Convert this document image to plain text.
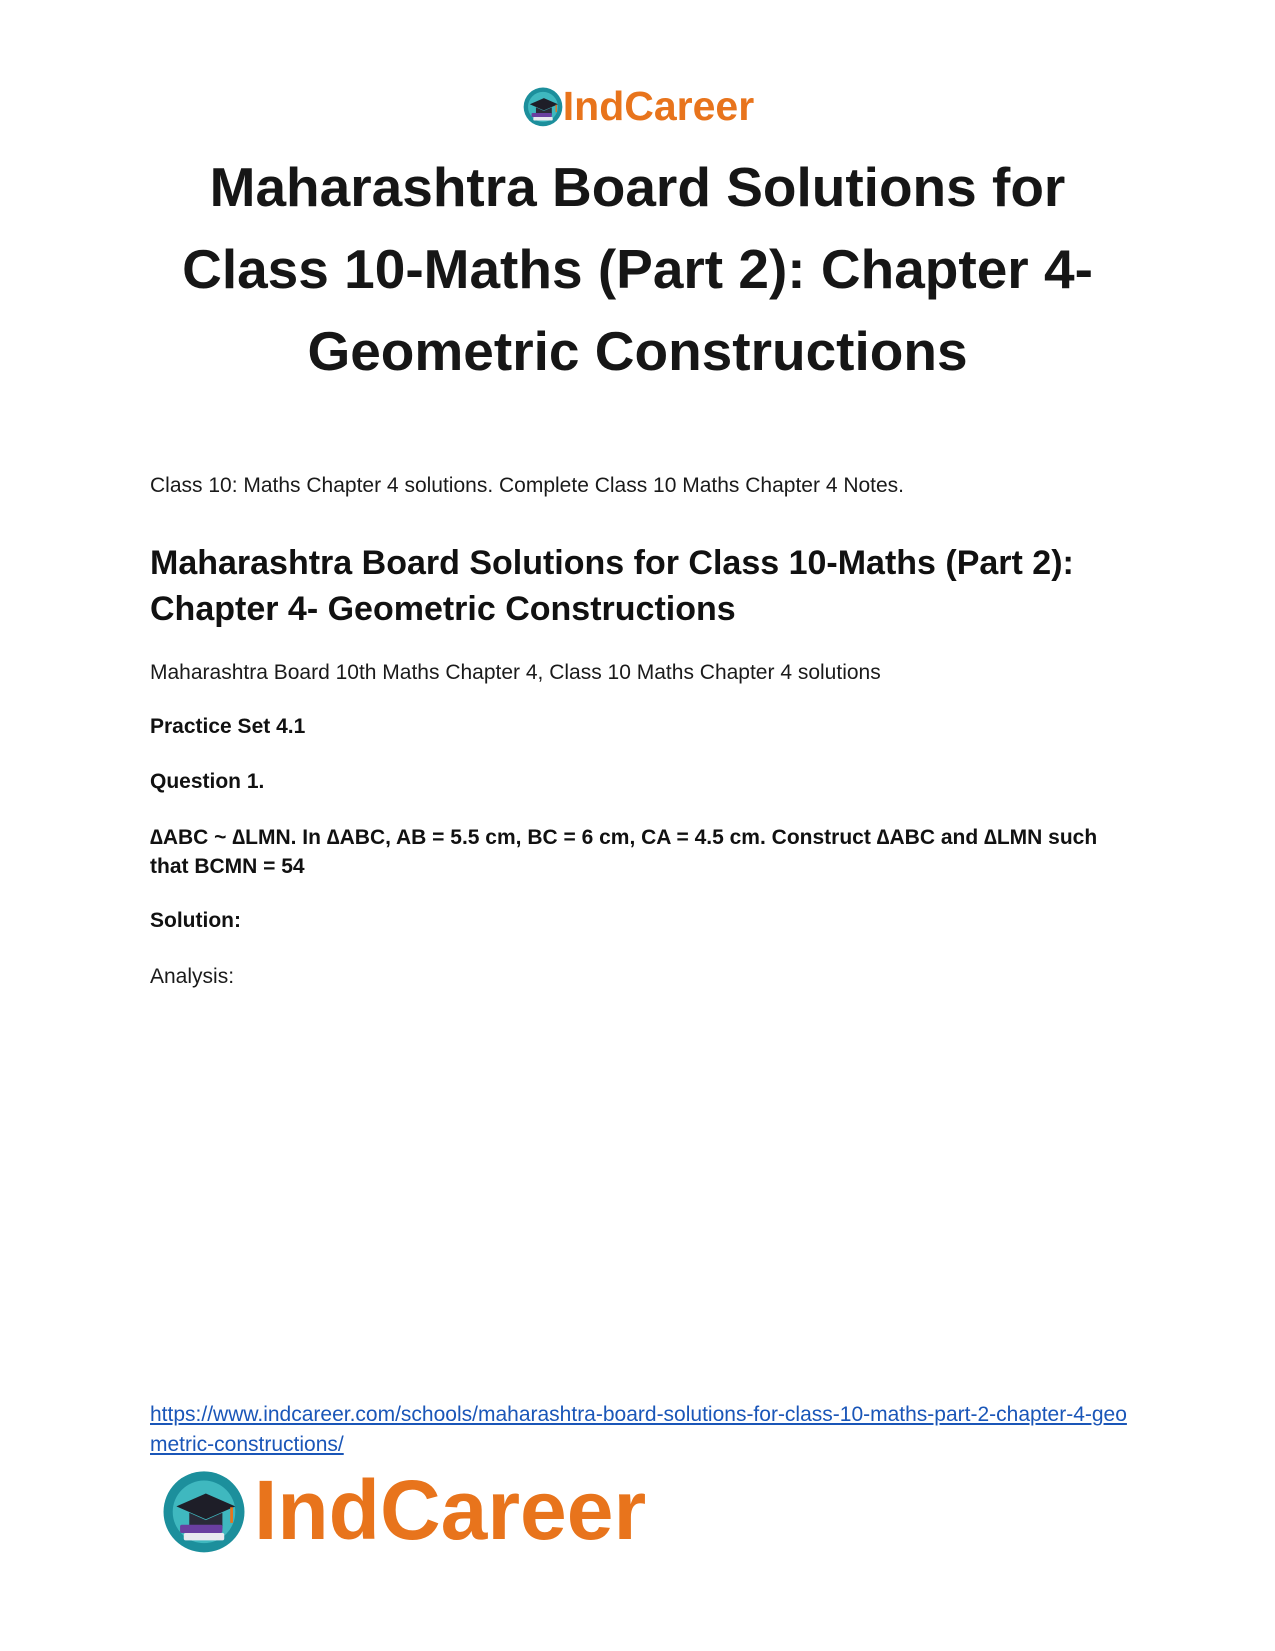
IndCareer
Maharashtra Board Solutions for Class 10-Maths (Part 2): Chapter 4- Geometric Constructions

Class 10: Maths Chapter 4 solutions. Complete Class 10 Maths Chapter 4 Notes.

Maharashtra Board Solutions for Class 10-Maths (Part 2): Chapter 4- Geometric Constructions

Maharashtra Board 10th Maths Chapter 4, Class 10 Maths Chapter 4 solutions

Practice Set 4.1

Question 1.

∆ABC ~ ∆LMN. In ∆ABC, AB = 5.5 cm, BC = 6 cm, CA = 4.5 cm. Construct ∆ABC and ∆LMN such that BCMN = 54

Solution:

Analysis:

https://www.indcareer.com/schools/maharashtra-board-solutions-for-class-10-maths-part-2-chapter-4-geometric-constructions/
IndCareer
